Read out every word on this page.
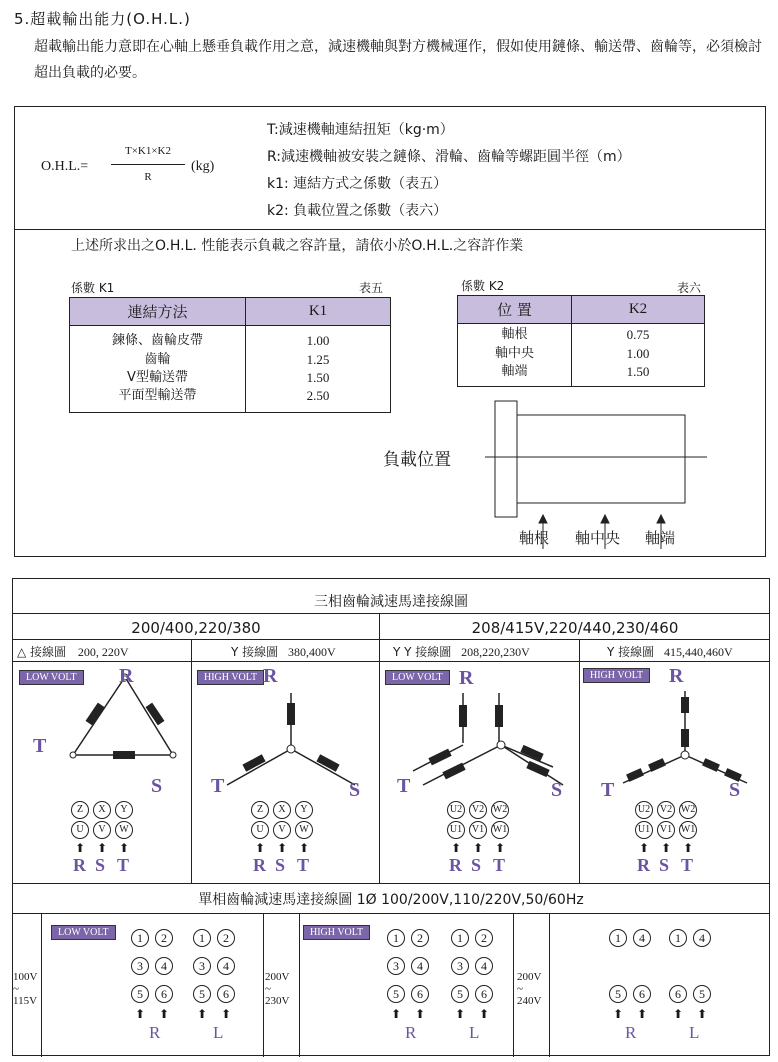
5.超載輸出能力(O.H.L.)
超載輸出能力意即在心軸上懸垂負載作用之意，減速機軸與對方機械運作，假如使用鏈條、輸送帶、齒輪等，必須檢討超出負載的必要。
O.H.L.=
T×K1×K2
R
(kg)
T:減速機軸連結扭矩（kg·m）
R:減速機軸被安裝之鏈條、滑輪、齒輪等螺距圓半徑（m）
k1: 連結方式之係數（表五）
k2: 負載位置之係數（表六）
上述所求出之O.H.L. 性能表示負載之容許量，請依小於O.H.L.之容許作業
係數 K1	表五
連結方法	K1
鍊條、齒輪皮帶	1.00
齒輪	1.25
V型輸送帶	1.50
平面型輸送帶	2.50
係數 K2	表六
位 置	K2
軸根	0.75
軸中央	1.00
軸端	1.50
負載位置
軸根 軸中央 軸端
三相齒輪減速馬達接線圖
200/400,220/380	208/415V,220/440,230/460
△ 接線圖 200, 220V	Y 接線圖 380,400V	Y Y 接線圖 208,220,230V	Y 接線圖 415,440,460V
LOW VOLT	HIGH VOLT	LOW VOLT	HIGH VOLT
R
S
T
R
S
T
R
S
T
R
S
T
Z
U
⬆
R
X
V
⬆
S
Y
W
⬆
T
Z
U
⬆
R
X
V
⬆
S
Y
W
⬆
T
U2
U1
⬆
R
V2
V1
⬆
S
W2
W1
⬆
T
U2
U1
⬆
R
V2
V1
⬆
S
W2
W1
⬆
T
單相齒輪減速馬達接線圖 1Ø 100/200V,110/220V,50/60Hz
100V
~
115V
200V
~
230V
200V
~
240V
LOW VOLT	HIGH VOLT
1	2
3	4
5	6
⬆ ⬆
1	2
3	4
5	6
⬆ ⬆
1	2
3	4
5	6
⬆ ⬆
1	2
3	4
5	6
⬆ ⬆
1	4
5	6
⬆ ⬆
1	4
6	5
⬆ ⬆
R	L	R	L	R	L
